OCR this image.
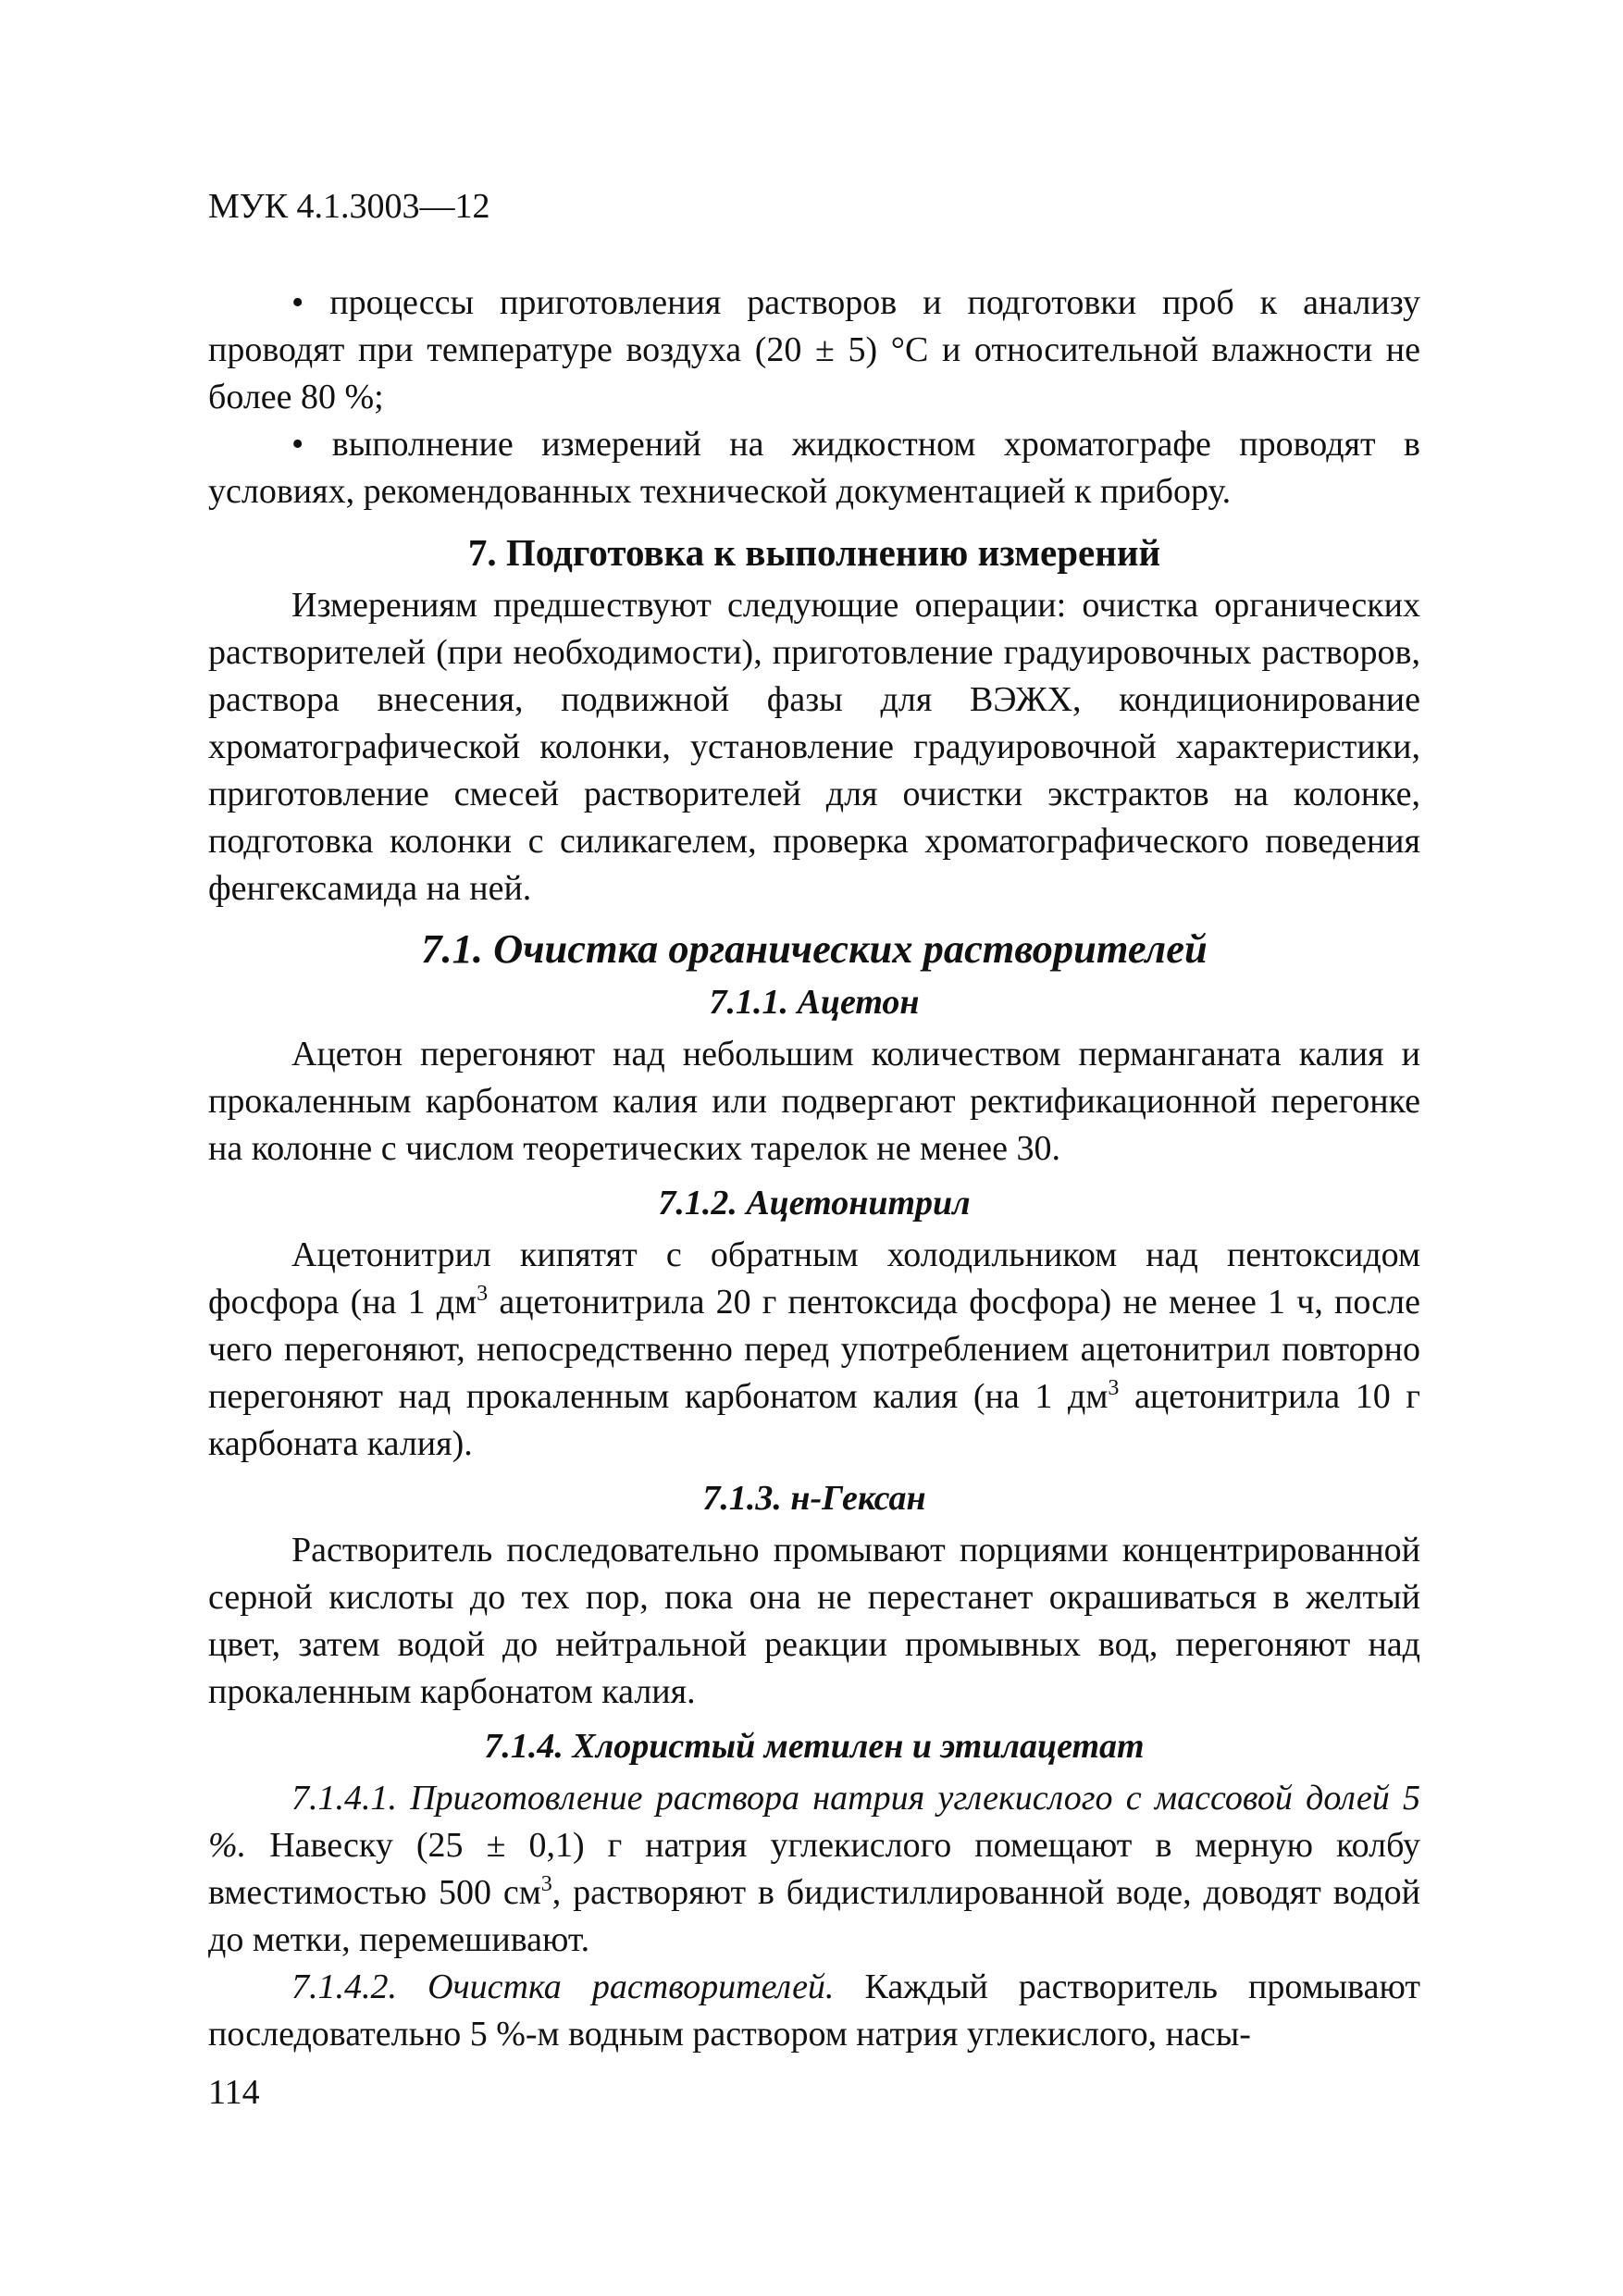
МУК 4.1.3003—12

• процессы приготовления растворов и подготовки проб к анализу проводят при температуре воздуха (20 ± 5) °С и относительной влажности не более 80 %;

• выполнение измерений на жидкостном хроматографе проводят в условиях, рекомендованных технической документацией к прибору.

7. Подготовка к выполнению измерений

Измерениям предшествуют следующие операции: очистка органических растворителей (при необходимости), приготовление градуировочных растворов, раствора внесения, подвижной фазы для ВЭЖХ, кондиционирование хроматографической колонки, установление градуировочной характеристики, приготовление смесей растворителей для очистки экстрактов на колонке, подготовка колонки с силикагелем, проверка хроматографического поведения фенгексамида на ней.

7.1. Очистка органических растворителей
7.1.1. Ацетон

Ацетон перегоняют над небольшим количеством перманганата калия и прокаленным карбонатом калия или подвергают ректификационной перегонке на колонне с числом теоретических тарелок не менее 30.

7.1.2. Ацетонитрил

Ацетонитрил кипятят с обратным холодильником над пентоксидом фосфора (на 1 $дм^3$ ацетонитрила 20 г пентоксида фосфора) не менее 1 ч, после чего перегоняют, непосредственно перед употреблением ацетонитрил повторно перегоняют над прокаленным карбонатом калия (на 1 $дм^3$ ацетонитрила 10 г карбоната калия).

7.1.3. н-Гексан

Растворитель последовательно промывают порциями концентрированной серной кислоты до тех пор, пока она не перестанет окрашиваться в желтый цвет, затем водой до нейтральной реакции промывных вод, перегоняют над прокаленным карбонатом калия.

7.1.4. Хлористый метилен и этилацетат

7.1.4.1. Приготовление раствора натрия углекислого с массовой долей 5 %. Навеску (25 ± 0,1) г натрия углекислого помещают в мерную колбу вместимостью 500 $см^3$, растворяют в бидистиллированной воде, доводят водой до метки, перемешивают.

7.1.4.2. Очистка растворителей. Каждый растворитель промывают последовательно 5 %-м водным раствором натрия углекислого, насы-

114
